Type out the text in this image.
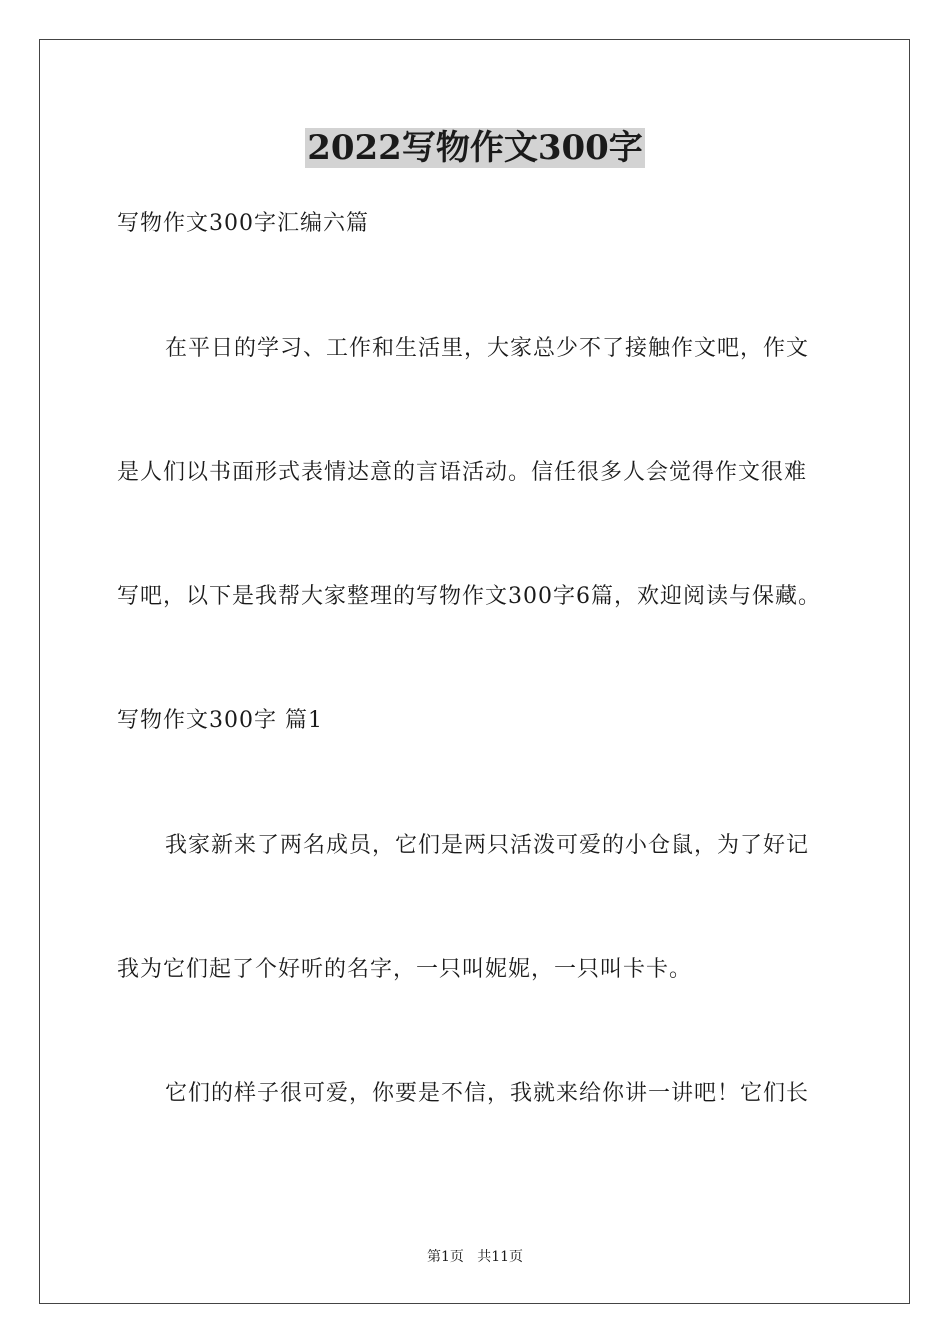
2022写物作文300字
写物作文300字汇编六篇
在平日的学习、工作和生活里，大家总少不了接触作文吧，作文
是人们以书面形式表情达意的言语活动。信任很多人会觉得作文很难
写吧，以下是我帮大家整理的写物作文300字6篇，欢迎阅读与保藏。
写物作文300字 篇1
我家新来了两名成员，它们是两只活泼可爱的小仓鼠，为了好记
我为它们起了个好听的名字，一只叫妮妮，一只叫卡卡。
它们的样子很可爱，你要是不信，我就来给你讲一讲吧！它们长
第1页   共11页
